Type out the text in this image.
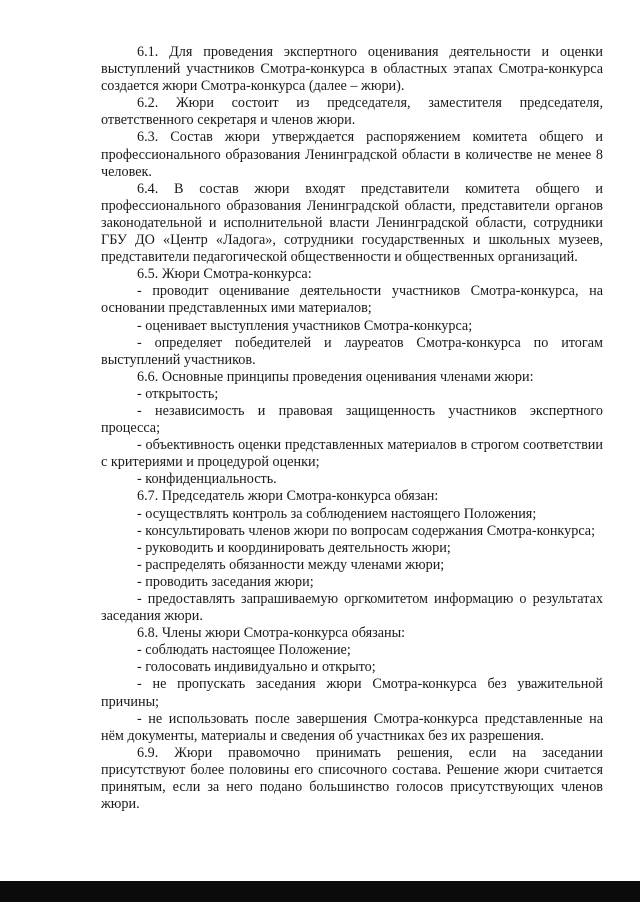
6.1. Для проведения экспертного оценивания деятельности и оценки выступлений участников Смотра-конкурса в областных этапах Смотра-конкурса создается жюри Смотра-конкурса (далее – жюри).

6.2. Жюри состоит из председателя, заместителя председателя, ответственного секретаря и членов жюри.

6.3. Состав жюри утверждается распоряжением комитета общего и профессионального образования Ленинградской области в количестве не менее 8 человек.

6.4. В состав жюри входят представители комитета общего и профессионального образования Ленинградской области, представители органов законодательной и исполнительной власти Ленинградской области, сотрудники ГБУ ДО «Центр «Ладога», сотрудники государственных и школьных музеев, представители педагогической общественности и общественных организаций.

6.5. Жюри Смотра-конкурса:

- проводит оценивание деятельности участников Смотра-конкурса, на основании представленных ими материалов;

- оценивает выступления участников Смотра-конкурса;

- определяет победителей и лауреатов Смотра-конкурса по итогам выступлений участников.

6.6. Основные принципы проведения оценивания членами жюри:

- открытость;

- независимость и правовая защищенность участников экспертного процесса;

- объективность оценки представленных материалов в строгом соответствии с критериями и процедурой оценки;

- конфиденциальность.

6.7. Председатель жюри Смотра-конкурса обязан:

- осуществлять контроль за соблюдением настоящего Положения;

- консультировать членов жюри по вопросам содержания Смотра-конкурса;

- руководить и координировать деятельность жюри;

- распределять обязанности между членами жюри;

- проводить заседания жюри;

- предоставлять запрашиваемую оргкомитетом информацию о результатах заседания жюри.

6.8. Члены жюри Смотра-конкурса обязаны:

- соблюдать настоящее Положение;

- голосовать индивидуально и открыто;

- не пропускать заседания жюри Смотра-конкурса без уважительной причины;

- не использовать после завершения Смотра-конкурса представленные на нём документы, материалы и сведения об участниках без их разрешения.

6.9. Жюри правомочно принимать решения, если на заседании присутствуют более половины его списочного состава. Решение жюри считается принятым, если за него подано большинство голосов присутствующих членов жюри.
